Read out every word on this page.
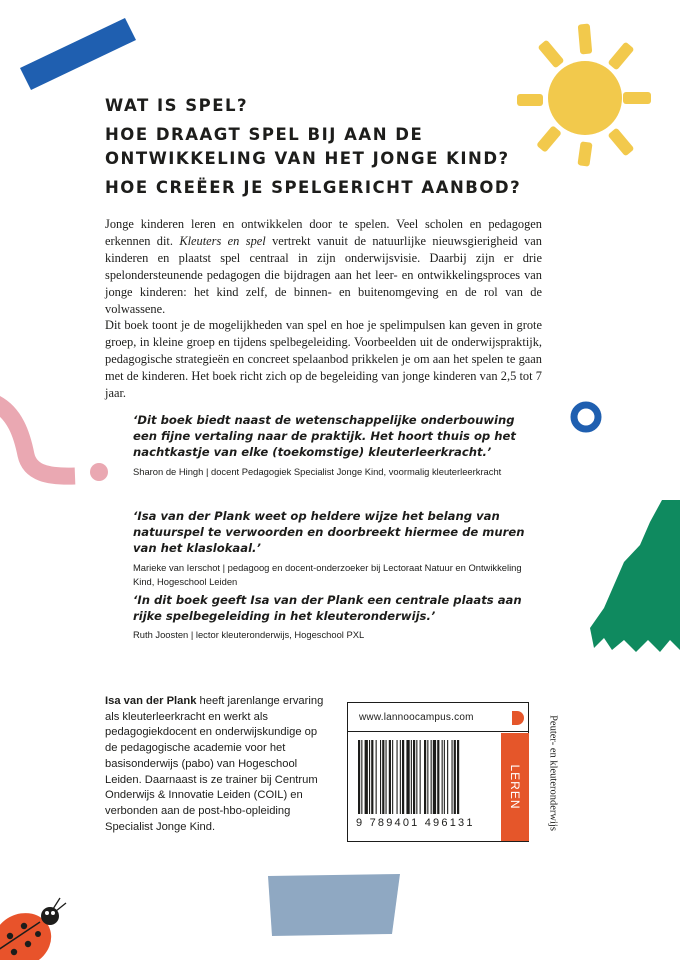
WAT IS SPEL?
HOE DRAAGT SPEL BIJ AAN DE
ONTWIKKELING VAN HET JONGE KIND?
HOE CREËER JE SPELGERICHT AANBOD?

Jonge kinderen leren en ontwikkelen door te spelen. Veel scholen en pedagogen erkennen dit. Kleuters en spel vertrekt vanuit de natuurlijke nieuwsgierigheid van kinderen en plaatst spel centraal in zijn onderwijsvisie. Daarbij zijn er drie spelondersteunende pedagogen die bijdragen aan het leer- en ontwikkelingsproces van jonge kinderen: het kind zelf, de binnen- en buitenomgeving en de rol van de volwassene.

Dit boek toont je de mogelijkheden van spel en hoe je spelimpulsen kan geven in grote groep, in kleine groep en tijdens spelbegeleiding. Voorbeelden uit de onderwijspraktijk, pedagogische strategieën en concreet spelaanbod prikkelen je om aan het spelen te gaan met de kinderen. Het boek richt zich op de begeleiding van jonge kinderen van 2,5 tot 7 jaar.

‘Dit boek biedt naast de wetenschappelijke onderbouwing een fijne vertaling naar de praktijk. Het hoort thuis op het nachtkastje van elke (toekomstige) kleuterleerkracht.’

Sharon de Hingh | docent Pedagogiek Specialist Jonge Kind, voormalig kleuterleerkracht

‘Isa van der Plank weet op heldere wijze het belang van natuurspel te verwoorden en doorbreekt hiermee de muren van het klaslokaal.’

Marieke van Ierschot | pedagoog en docent-onderzoeker bij Lectoraat Natuur en Ontwikkeling Kind, Hogeschool Leiden

‘In dit boek geeft Isa van der Plank een centrale plaats aan rijke spelbegeleiding in het kleuteronderwijs.’

Ruth Joosten | lector kleuteronderwijs, Hogeschool PXL

Isa van der Plank heeft jarenlange ervaring als kleuterleerkracht en werkt als pedagogiekdocent en onderwijskundige op de pedagogische academie voor het basisonderwijs (pabo) van Hogeschool Leiden. Daarnaast is ze trainer bij Centrum Onderwijs & Innovatie Leiden (COIL) en verbonden aan de post-hbo-opleiding Specialist Jonge Kind.

www.lannoocampus.com
9 789401 496131
LEREN Peuter- en kleuteronderwijs
